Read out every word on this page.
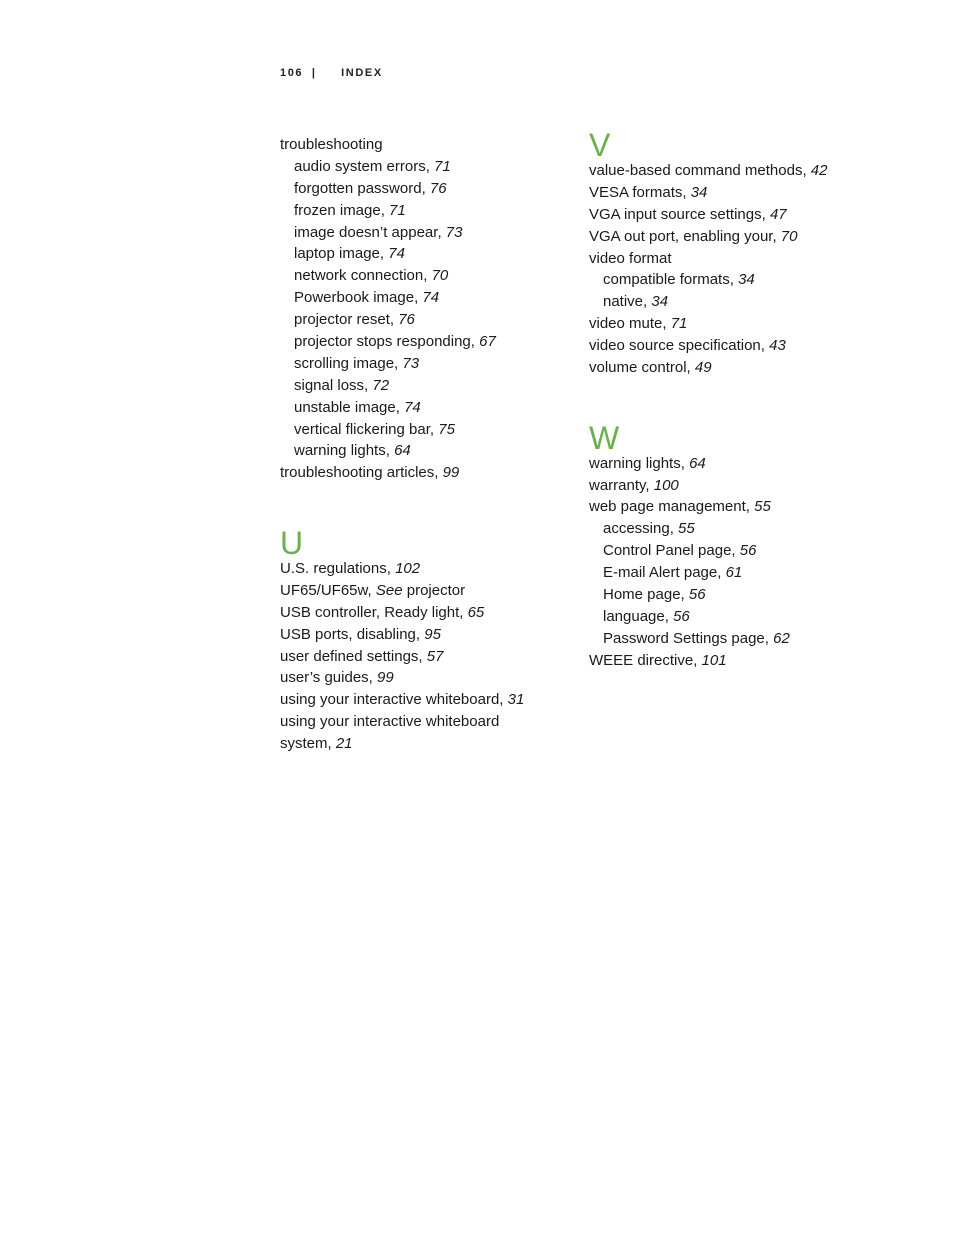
106 | INDEX
troubleshooting
audio system errors, 71
forgotten password, 76
frozen image, 71
image doesn’t appear, 73
laptop image, 74
network connection, 70
Powerbook image, 74
projector reset, 76
projector stops responding, 67
scrolling image, 73
signal loss, 72
unstable image, 74
vertical flickering bar, 75
warning lights, 64
troubleshooting articles, 99
U
U.S. regulations, 102
UF65/UF65w, See projector
USB controller, Ready light, 65
USB ports, disabling, 95
user defined settings, 57
user’s guides, 99
using your interactive whiteboard, 31
using your interactive whiteboard
system, 21
V
value-based command methods, 42
VESA formats, 34
VGA input source settings, 47
VGA out port, enabling your, 70
video format
compatible formats, 34
native, 34
video mute, 71
video source specification, 43
volume control, 49
W
warning lights, 64
warranty, 100
web page management, 55
accessing, 55
Control Panel page, 56
E-mail Alert page, 61
Home page, 56
language, 56
Password Settings page, 62
WEEE directive, 101
